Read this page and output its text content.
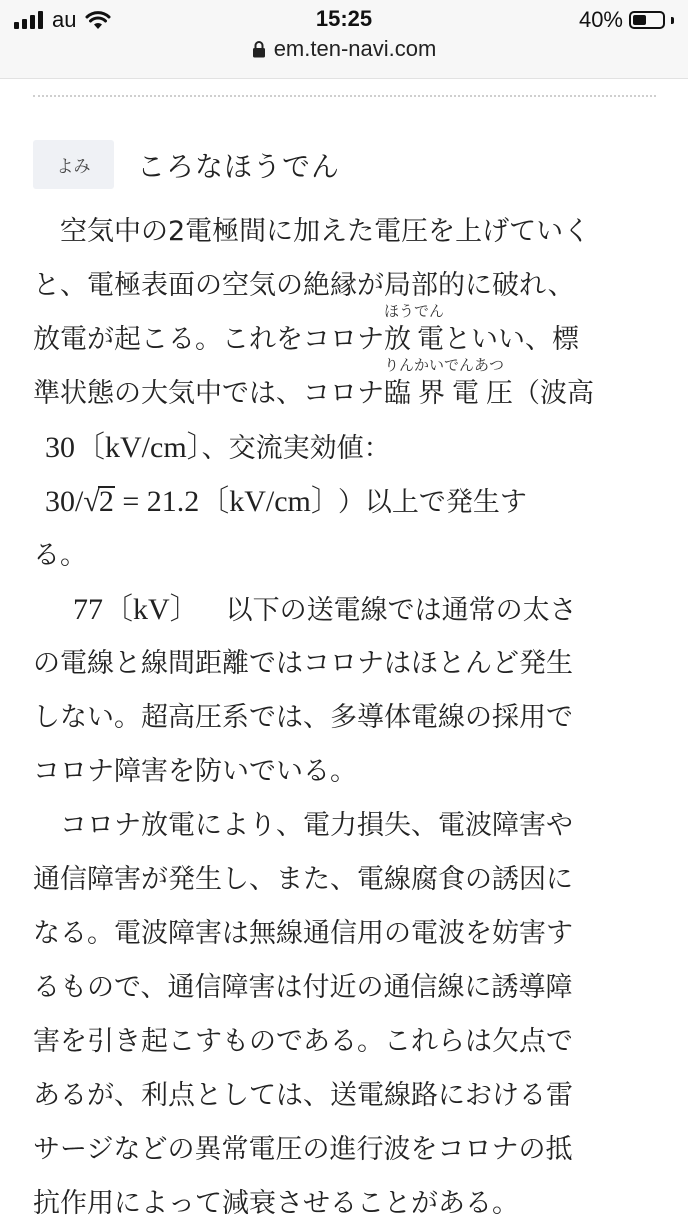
au	15:25	40%
em.ten-navi.com
よみ	ころなほうでん
空気中の2電極間に加えた電圧を上げていく
と、電極表面の空気の絶縁が局部的に破れ、
放電が起こる。これをコロナ
ほうでん
放 電といい、標
準状態の大気中では、コロナ
りんかいでんあつ
臨 界 電 圧（波高
30〔kV/cm〕、交流実効値：
30/√2 = 21.2〔kV/cm〕 ）以上で発生す
る。
77〔kV〕 以下の送電線では通常の太さ
の電線と線間距離ではコロナはほとんど発生
しない。超高圧系では、多導体電線の採用で
コロナ障害を防いでいる。
コロナ放電により、電力損失、電波障害や
通信障害が発生し、また、電線腐食の誘因に
なる。電波障害は無線通信用の電波を妨害す
るもので、通信障害は付近の通信線に誘導障
害を引き起こすものである。これらは欠点で
あるが、利点としては、送電線路における雷
サージなどの異常電圧の進行波をコロナの抵
抗作用によって減衰させることがある。
